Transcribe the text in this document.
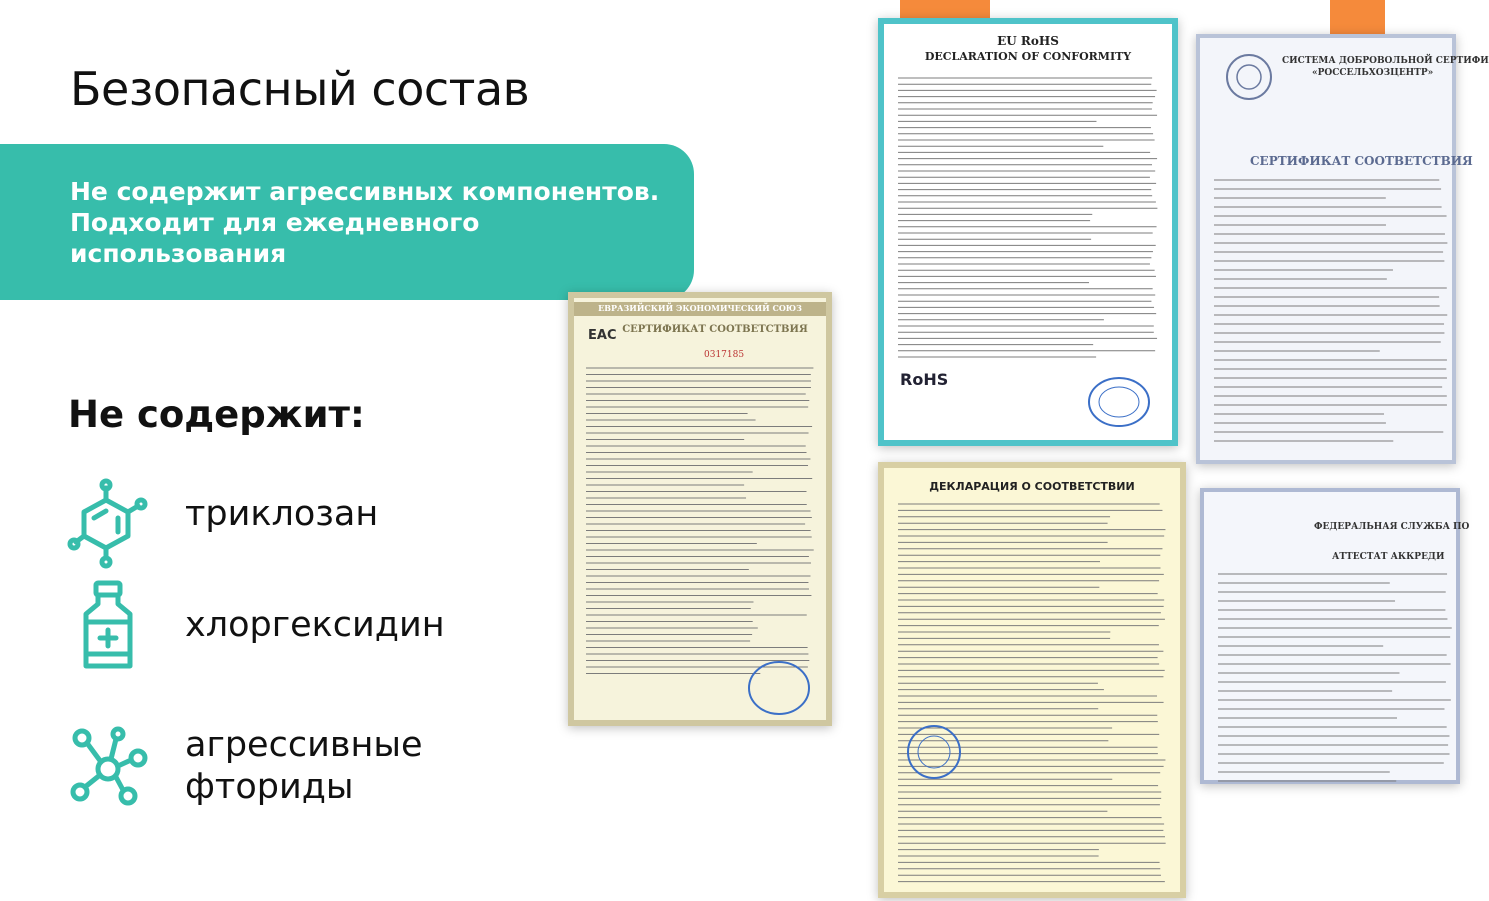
Безопасный состав

Не содержит агрессивных компонентов.
Подходит для ежедневного
использования

Не содержит:
триклозан
хлоргексидин
агрессивные
фториды
EU RoHS
DECLARATION OF CONFORMITY
RoHS
СИСТЕМА ДОБРОВОЛЬНОЙ СЕРТИФИ
«РОССЕЛЬХОЗЦЕНТР»
СЕРТИФИКАТ СООТВЕТСТВИЯ
ЕВРАЗИЙСКИЙ ЭКОНОМИЧЕСКИЙ СОЮЗ
EAC СЕРТИФИКАТ СООТВЕТСТВИЯ
0317185
ДЕКЛАРАЦИЯ О СООТВЕТСТВИИ
ФЕДЕРАЛЬНАЯ СЛУЖБА ПО
АТТЕСТАТ АККРЕДИ
